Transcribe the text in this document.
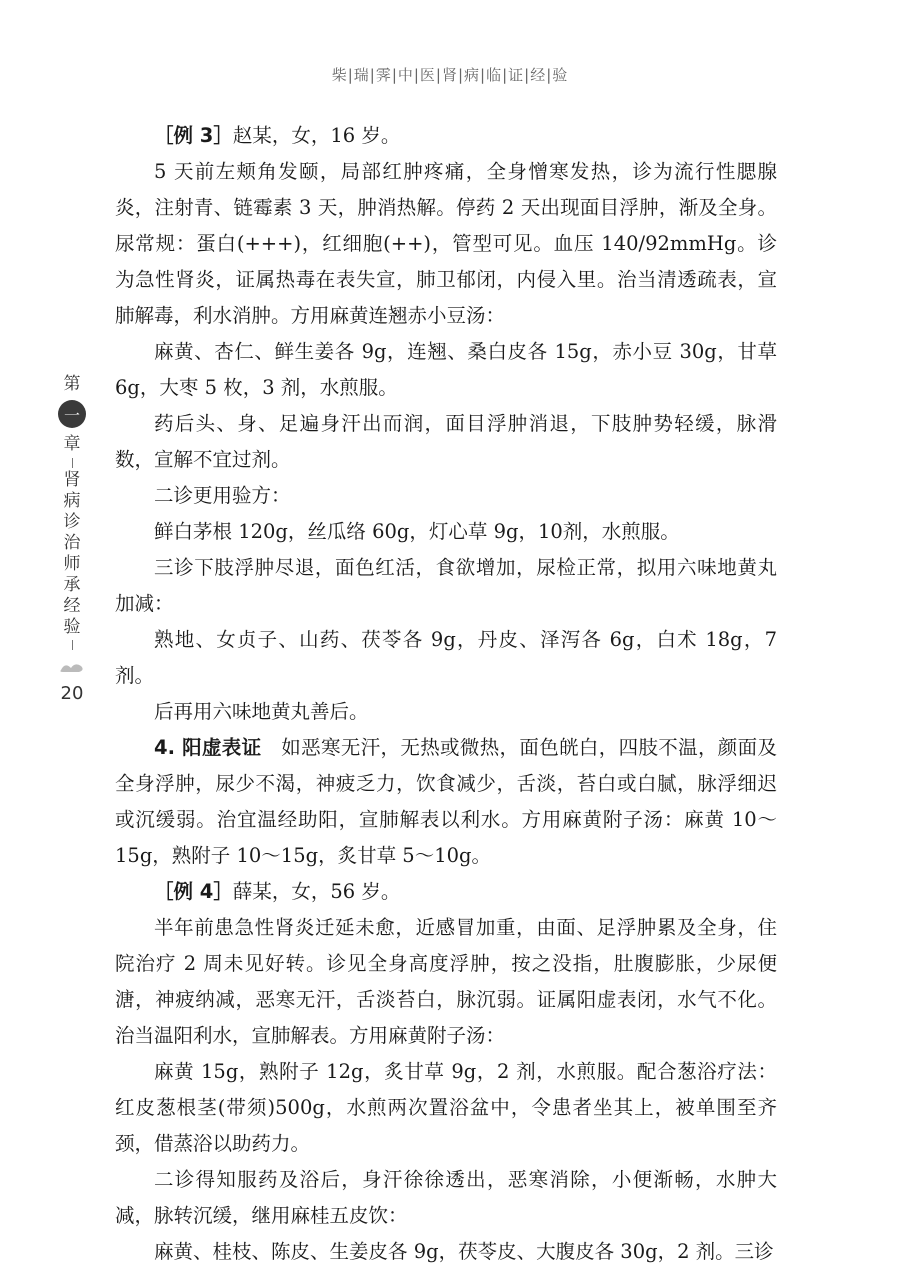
柴|瑞|霁|中|医|肾|病|临|证|经|验
第
一
章
肾病诊治师承经验
20

［例 3］赵某，女，16 岁。

5 天前左颊角发颐，局部红肿疼痛，全身憎寒发热，诊为流行性腮腺炎，注射青、链霉素 3 天，肿消热解。停药 2 天出现面目浮肿，渐及全身。尿常规：蛋白(+++)，红细胞(++)，管型可见。血压 140/92mmHg。诊为急性肾炎，证属热毒在表失宣，肺卫郁闭，内侵入里。治当清透疏表，宣肺解毒，利水消肿。方用麻黄连翘赤小豆汤：

麻黄、杏仁、鲜生姜各 9g，连翘、桑白皮各 15g，赤小豆 30g，甘草 6g，大枣 5 枚，3 剂，水煎服。

药后头、身、足遍身汗出而润，面目浮肿消退，下肢肿势轻缓，脉滑数，宣解不宜过剂。

二诊更用验方：

鲜白茅根 120g，丝瓜络 60g，灯心草 9g，10剂，水煎服。

三诊下肢浮肿尽退，面色红活，食欲增加，尿检正常，拟用六味地黄丸加减：

熟地、女贞子、山药、茯苓各 9g，丹皮、泽泻各 6g，白术 18g，7 剂。

后再用六味地黄丸善后。

4. 阳虚表证　如恶寒无汗，无热或微热，面色㿠白，四肢不温，颜面及全身浮肿，尿少不渴，神疲乏力，饮食减少，舌淡，苔白或白腻，脉浮细迟或沉缓弱。治宜温经助阳，宣肺解表以利水。方用麻黄附子汤：麻黄 10～15g，熟附子 10～15g，炙甘草 5～10g。

［例 4］薛某，女，56 岁。

半年前患急性肾炎迁延未愈，近感冒加重，由面、足浮肿累及全身，住院治疗 2 周未见好转。诊见全身高度浮肿，按之没指，肚腹膨胀，少尿便溏，神疲纳减，恶寒无汗，舌淡苔白，脉沉弱。证属阳虚表闭，水气不化。治当温阳利水，宣肺解表。方用麻黄附子汤：

麻黄 15g，熟附子 12g，炙甘草 9g，2 剂，水煎服。配合葱浴疗法：红皮葱根茎(带须)500g，水煎两次置浴盆中，令患者坐其上，被单围至齐颈，借蒸浴以助药力。

二诊得知服药及浴后，身汗徐徐透出，恶寒消除，小便渐畅，水肿大减，脉转沉缓，继用麻桂五皮饮：

麻黄、桂枝、陈皮、生姜皮各 9g，茯苓皮、大腹皮各 30g，2 剂。三诊
